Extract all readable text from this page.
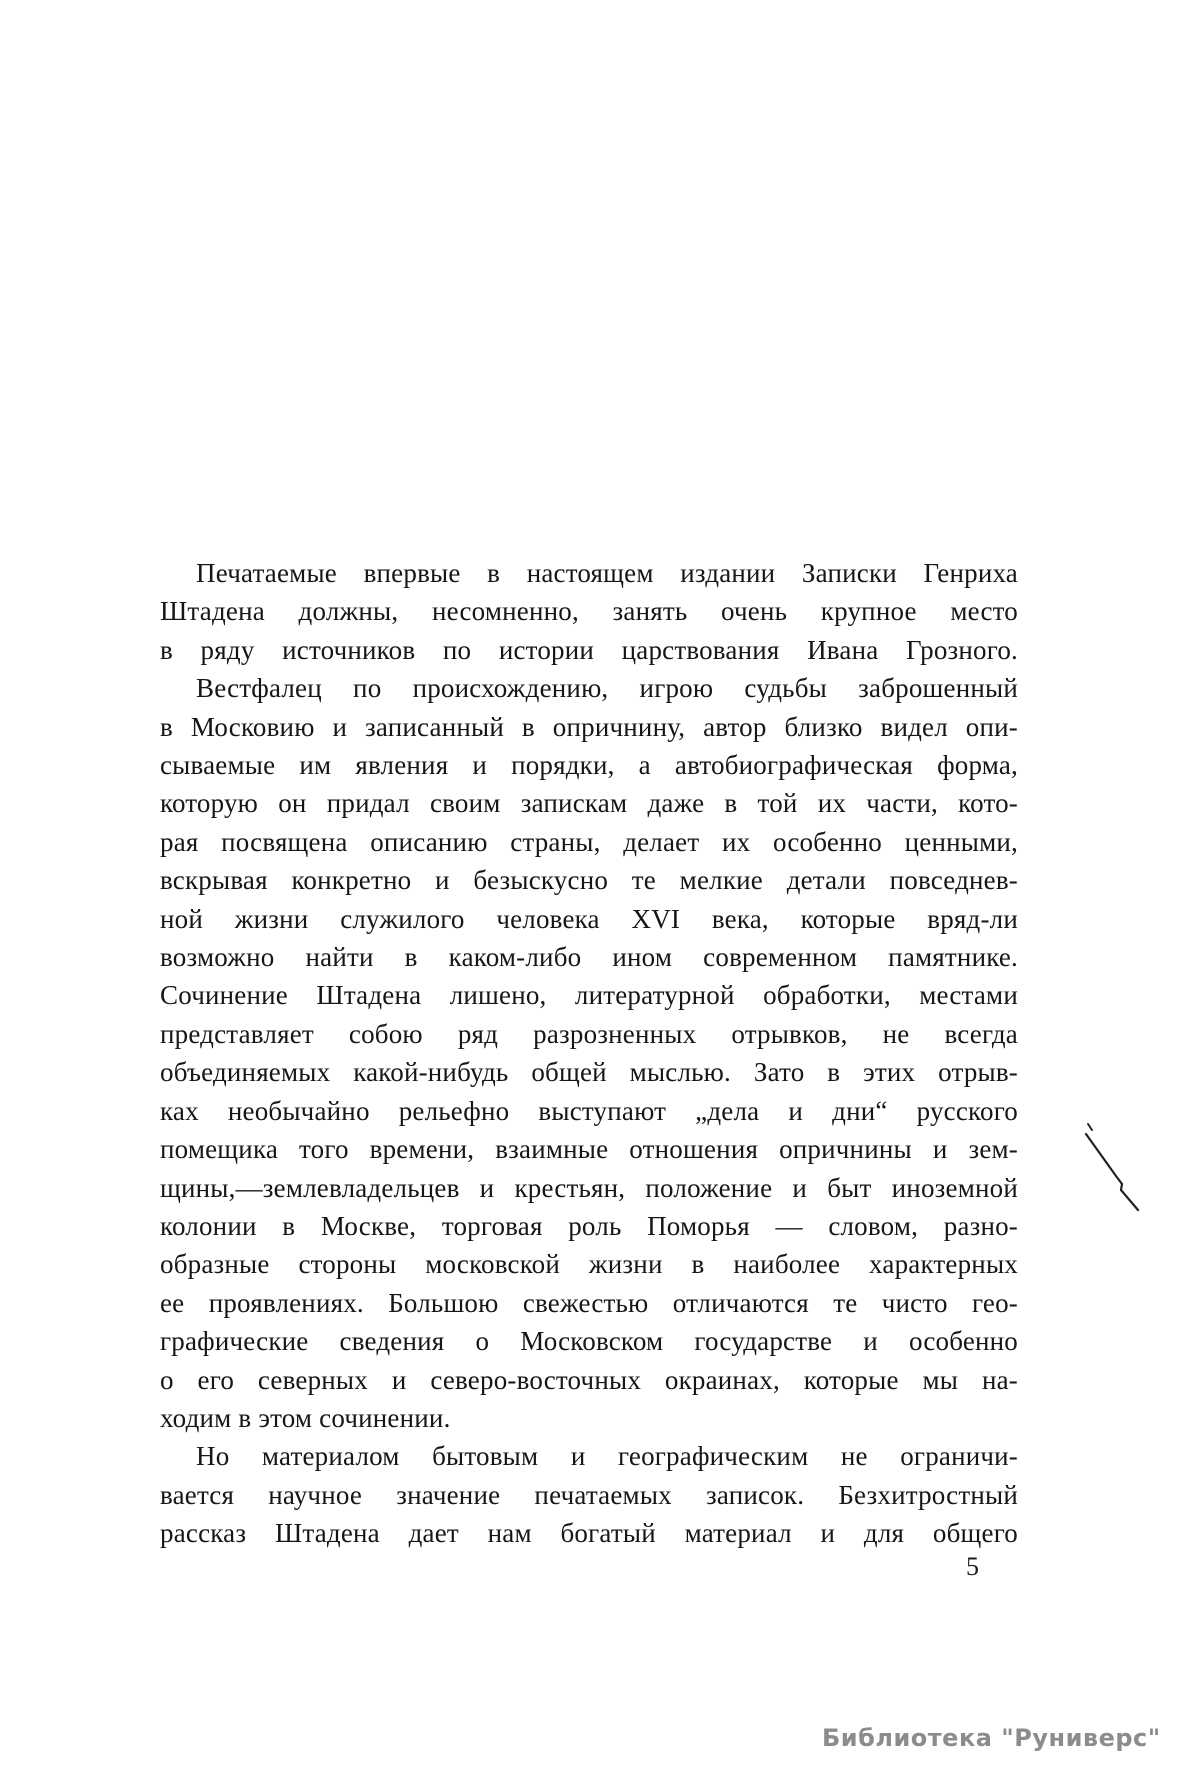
Печатаемые впервые в настоящем издании Записки Генриха
Штадена должны, несомненно, занять очень крупное место
в ряду источников по истории царствования Ивана Грозного.
Вестфалец по происхождению, игрою судьбы заброшенный
в Московию и записанный в опричнину, автор близко видел опи-
сываемые им явления и порядки, а автобиографическая форма,
которую он придал своим запискам даже в той их части, кото-
рая посвящена описанию страны, делает их особенно ценными,
вскрывая конкретно и безыскусно те мелкие детали повседнев-
ной жизни служилого человека XVI века, которые вряд-ли
возможно найти в каком-либо ином современном памятнике.
Сочинение Штадена лишено, литературной обработки, местами
представляет собою ряд разрозненных отрывков, не всегда
объединяемых какой-нибудь общей мыслью. Зато в этих отрыв-
ках необычайно рельефно выступают „дела и дни“ русского
помещика того времени, взаимные отношения опричнины и зем-
щины,—землевладельцев и крестьян, положение и быт иноземной
колонии в Москве, торговая роль Поморья — словом, разно-
образные стороны московской жизни в наиболее характерных
ее проявлениях. Большою свежестью отличаются те чисто гео-
графические сведения о Московском государстве и особенно
о его северных и северо-восточных окраинах, которые мы на-
ходим в этом сочинении.
Но материалом бытовым и географическим не ограничи-
вается научное значение печатаемых записок. Безхитростный
рассказ Штадена дает нам богатый материал и для общего
5
Библиотека "Руниверс"
